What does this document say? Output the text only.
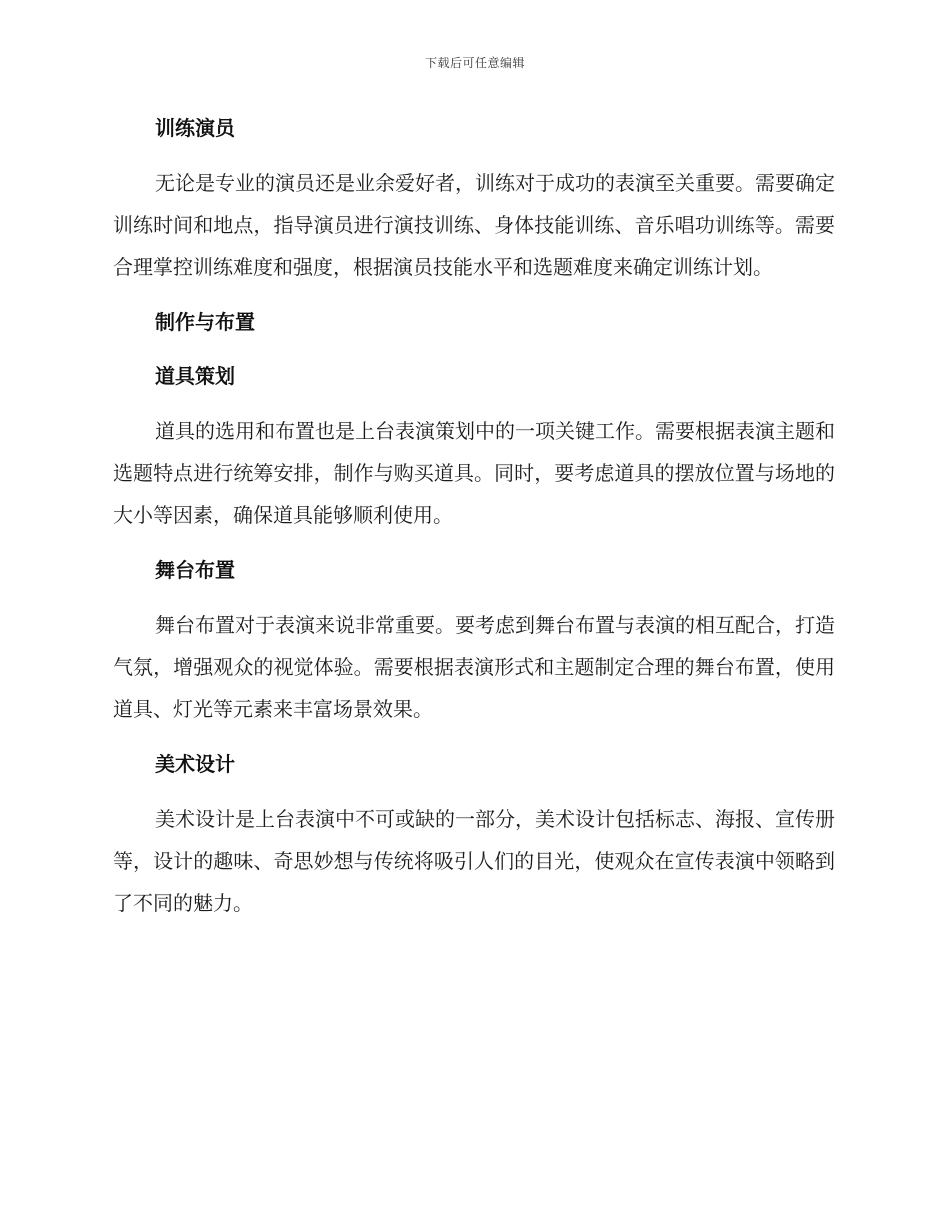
下载后可任意编辑
训练演员

无论是专业的演员还是业余爱好者，训练对于成功的表演至关重要。需要确定训练时间和地点，指导演员进行演技训练、身体技能训练、音乐唱功训练等。需要合理掌控训练难度和强度，根据演员技能水平和选题难度来确定训练计划。

制作与布置
道具策划

道具的选用和布置也是上台表演策划中的一项关键工作。需要根据表演主题和选题特点进行统筹安排，制作与购买道具。同时，要考虑道具的摆放位置与场地的大小等因素，确保道具能够顺利使用。

舞台布置

舞台布置对于表演来说非常重要。要考虑到舞台布置与表演的相互配合，打造气氛，增强观众的视觉体验。需要根据表演形式和主题制定合理的舞台布置，使用道具、灯光等元素来丰富场景效果。

美术设计

美术设计是上台表演中不可或缺的一部分，美术设计包括标志、海报、宣传册等，设计的趣味、奇思妙想与传统将吸引人们的目光，使观众在宣传表演中领略到了不同的魅力。
